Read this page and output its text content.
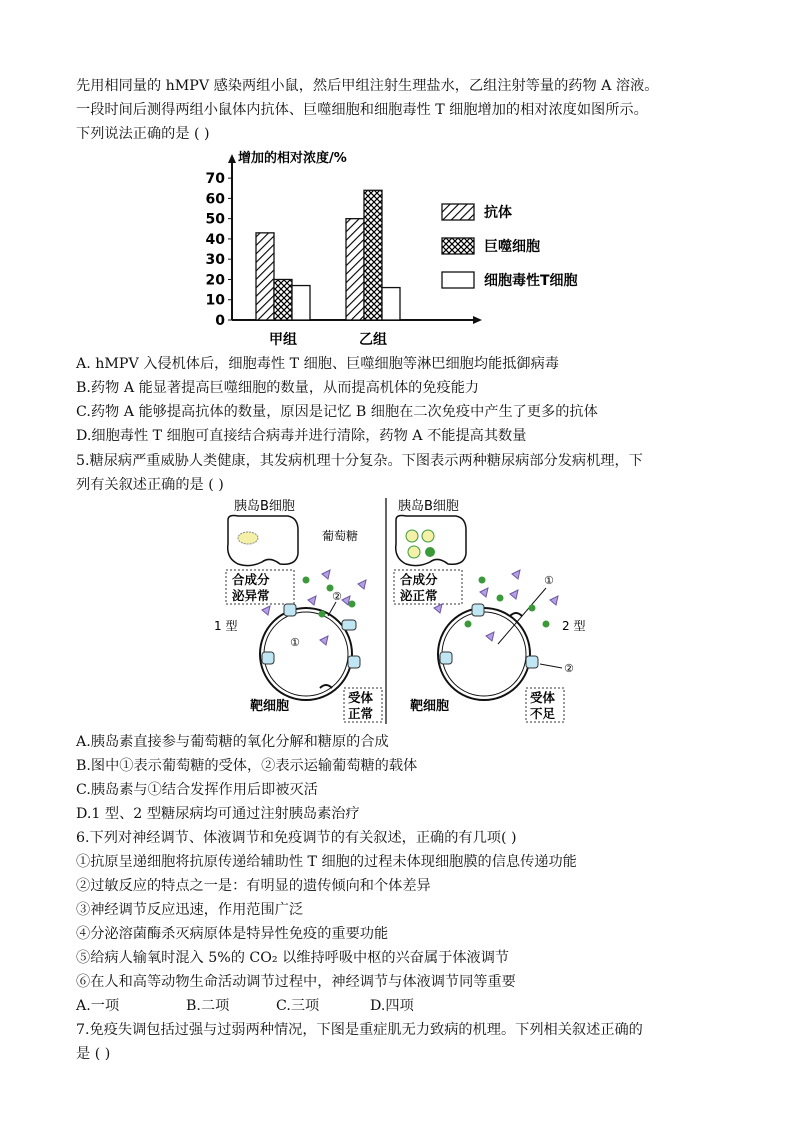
先用相同量的 hMPV 感染两组小鼠，然后甲组注射生理盐水，乙组注射等量的药物 A 溶液。
一段时间后测得两组小鼠体内抗体、巨噬细胞和细胞毒性 T 细胞增加的相对浓度如图所示。
下列说法正确的是 ( )
增加的相对浓度/%
0
10
20
30
40
50
60
70
甲组	乙组
抗体
巨噬细胞
细胞毒性T细胞
A. hMPV 入侵机体后，细胞毒性 T 细胞、巨噬细胞等淋巴细胞均能抵御病毒
B.药物 A 能显著提高巨噬细胞的数量，从而提高机体的免疫能力
C.药物 A 能够提高抗体的数量，原因是记忆 B 细胞在二次免疫中产生了更多的抗体
D.细胞毒性 T 细胞可直接结合病毒并进行清除，药物 A 不能提高其数量
5.糖尿病严重威胁人类健康，其发病机理十分复杂。下图表示两种糖尿病部分发病机理，下
列有关叙述正确的是 ( )
胰岛B细胞
葡萄糖
合成分
泌异常
1 型
①
②
靶细胞
受体
正常
胰岛B细胞
合成分
泌正常
2 型
①
②
靶细胞
受体
不足
A.胰岛素直接参与葡萄糖的氧化分解和糖原的合成
B.图中①表示葡萄糖的受体，②表示运输葡萄糖的载体
C.胰岛素与①结合发挥作用后即被灭活
D.1 型、2 型糖尿病均可通过注射胰岛素治疗
6.下列对神经调节、体液调节和免疫调节的有关叙述，正确的有几项( )
①抗原呈递细胞将抗原传递给辅助性 T 细胞的过程未体现细胞膜的信息传递功能
②过敏反应的特点之一是：有明显的遗传倾向和个体差异
③神经调节反应迅速，作用范围广泛
④分泌溶菌酶杀灭病原体是特异性免疫的重要功能
⑤给病人输氧时混入 5%的 CO₂ 以维持呼吸中枢的兴奋属于体液调节
⑥在人和高等动物生命活动调节过程中，神经调节与体液调节同等重要
A.一项	B.二项	C.三项	D.四项
7.免疫失调包括过强与过弱两种情况，下图是重症肌无力致病的机理。下列相关叙述正确的
是 ( )
